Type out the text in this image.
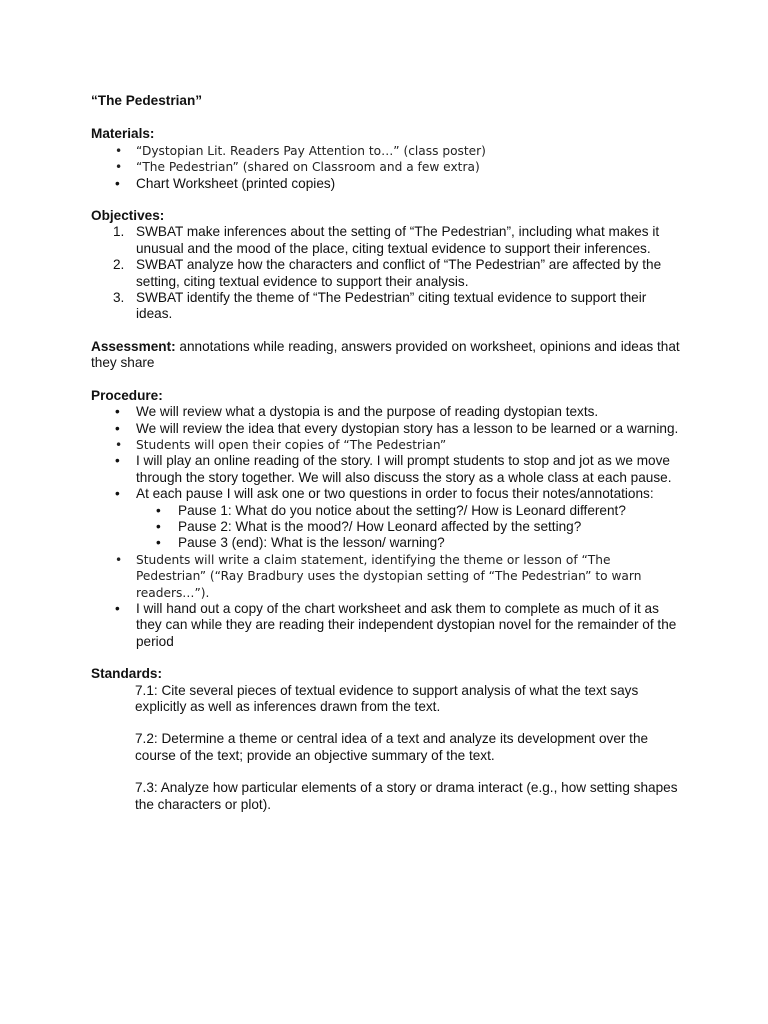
“The Pedestrian”
Materials:
• “Dystopian Lit. Readers Pay Attention to…” (class poster)
• “The Pedestrian” (shared on Classroom and a few extra)
• Chart Worksheet (printed copies)
Objectives:
1. SWBAT make inferences about the setting of “The Pedestrian”, including what makes it unusual and the mood of the place, citing textual evidence to support their inferences.
2. SWBAT analyze how the characters and conflict of “The Pedestrian” are affected by the setting, citing textual evidence to support their analysis.
3. SWBAT identify the theme of “The Pedestrian” citing textual evidence to support their ideas.
Assessment: annotations while reading, answers provided on worksheet, opinions and ideas that they share
Procedure:
• We will review what a dystopia is and the purpose of reading dystopian texts.
• We will review the idea that every dystopian story has a lesson to be learned or a warning.
• Students will open their copies of “The Pedestrian”
• I will play an online reading of the story. I will prompt students to stop and jot as we move through the story together. We will also discuss the story as a whole class at each pause.
• At each pause I will ask one or two questions in order to focus their notes/annotations:
• Pause 1: What do you notice about the setting?/ How is Leonard different?
• Pause 2: What is the mood?/ How Leonard affected by the setting?
• Pause 3 (end): What is the lesson/ warning?
• Students will write a claim statement, identifying the theme or lesson of “The Pedestrian” (“Ray Bradbury uses the dystopian setting of “The Pedestrian” to warn readers…”).
• I will hand out a copy of the chart worksheet and ask them to complete as much of it as they can while they are reading their independent dystopian novel for the remainder of the period
Standards:

7.1: Cite several pieces of textual evidence to support analysis of what the text says explicitly as well as inferences drawn from the text.

7.2: Determine a theme or central idea of a text and analyze its development over the course of the text; provide an objective summary of the text.

7.3: Analyze how particular elements of a story or drama interact (e.g., how setting shapes the characters or plot).
